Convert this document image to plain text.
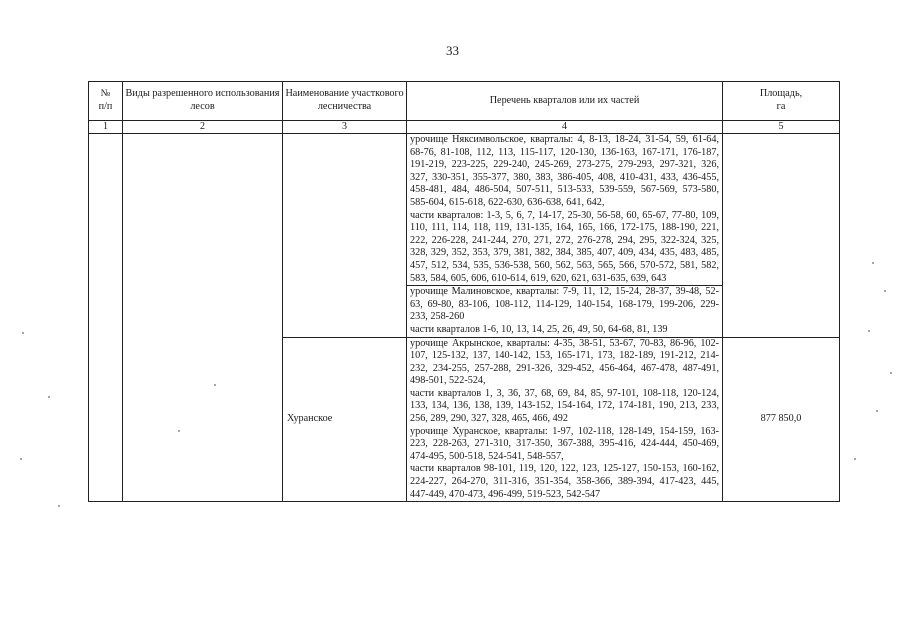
33
№
п/п	Виды разрешенного использования лесов	Наименование участкового лесничества	Перечень кварталов или их частей	Площадь,
га
1	2	3	4	5

			урочище Няксимвольское, кварталы: 4, 8-13, 18-24, 31-54, 59, 61-64, 68-76, 81-108, 112, 113, 115-117, 120-130, 136-163, 167-171, 176-187, 191-219, 223-225, 229-240, 245-269, 273-275, 279-293, 297-321, 326, 327, 330-351, 355-377, 380, 383, 386-405, 408, 410-431, 433, 436-455, 458-481, 484, 486-504, 507-511, 513-533, 539-559, 567-569, 573-580, 585-604, 615-618, 622-630, 636-638, 641, 642,

части кварталов: 1-3, 5, 6, 7, 14-17, 25-30, 56-58, 60, 65-67, 77-80, 109, 110, 111, 114, 118, 119, 131-135, 164, 165, 166, 172-175, 188-190, 221, 222, 226-228, 241-244, 270, 271, 272, 276-278, 294, 295, 322-324, 325, 328, 329, 352, 353, 379, 381, 382, 384, 385, 407, 409, 434, 435, 483, 485, 457, 512, 534, 535, 536-538, 560, 562, 563, 565, 566, 570-572, 581, 582, 583, 584, 605, 606, 610-614, 619, 620, 621, 631-635, 639, 643	

			урочище Малиновское, кварталы: 7-9, 11, 12, 15-24, 28-37, 39-48, 52-63, 69-80, 83-106, 108-112, 114-129, 140-154, 168-179, 199-206, 229-233, 258-260

части кварталов 1-6, 10, 13, 14, 25, 26, 49, 50, 64-68, 81, 139	

		Хуранское	урочище Акрынское, кварталы: 4-35, 38-51, 53-67, 70-83, 86-96, 102-107, 125-132, 137, 140-142, 153, 165-171, 173, 182-189, 191-212, 214-232, 234-255, 257-288, 291-326, 329-452, 456-464, 467-478, 487-491, 498-501, 522-524,

части кварталов 1, 3, 36, 37, 68, 69, 84, 85, 97-101, 108-118, 120-124, 133, 134, 136, 138, 139, 143-152, 154-164, 172, 174-181, 190, 213, 233, 256, 289, 290, 327, 328, 465, 466, 492

урочище Хуранское, кварталы: 1-97, 102-118, 128-149, 154-159, 163-223, 228-263, 271-310, 317-350, 367-388, 395-416, 424-444, 450-469, 474-495, 500-518, 524-541, 548-557,

части кварталов 98-101, 119, 120, 122, 123, 125-127, 150-153, 160-162, 224-227, 264-270, 311-316, 351-354, 358-366, 389-394, 417-423, 445, 447-449, 470-473, 496-499, 519-523, 542-547	877 850,0
